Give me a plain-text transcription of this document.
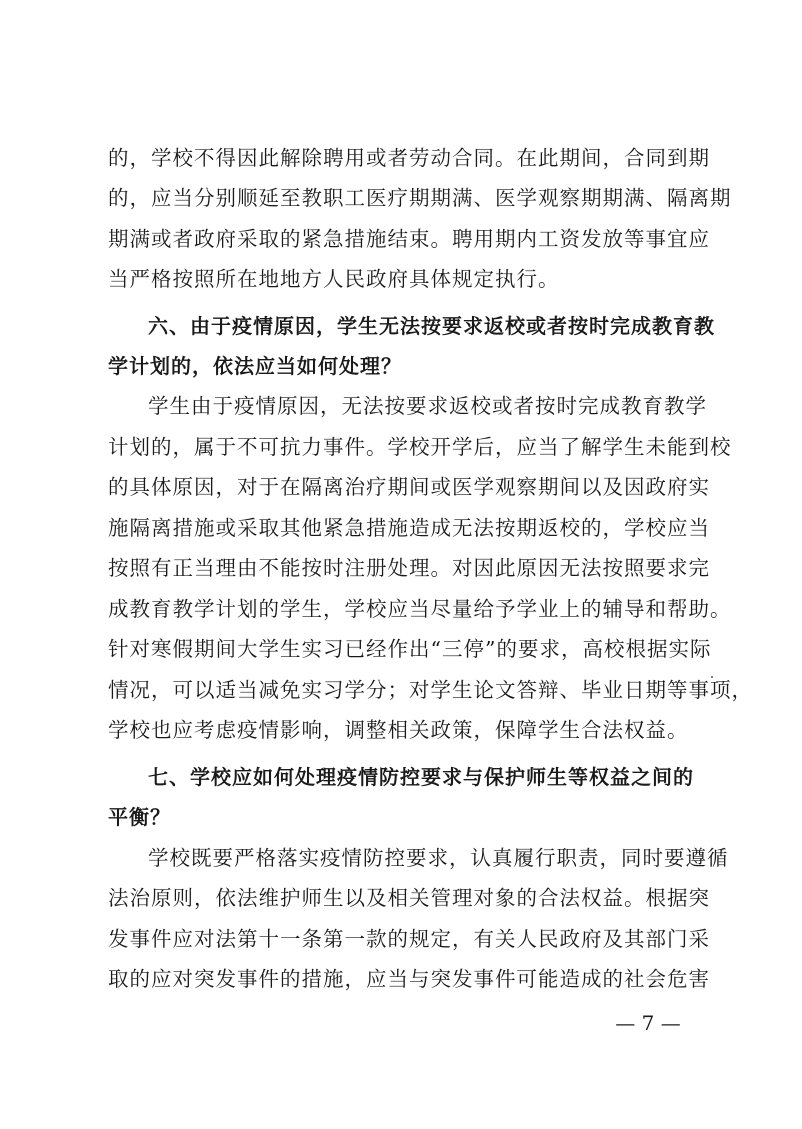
的，学校不得因此解除聘用或者劳动合同。在此期间，合同到期
的，应当分别顺延至教职工医疗期期满、医学观察期期满、隔离期
期满或者政府采取的紧急措施结束。聘用期内工资发放等事宜应
当严格按照所在地地方人民政府具体规定执行。
六、由于疫情原因，学生无法按要求返校或者按时完成教育教
学计划的，依法应当如何处理？
学生由于疫情原因，无法按要求返校或者按时完成教育教学
计划的，属于不可抗力事件。学校开学后，应当了解学生未能到校
的具体原因，对于在隔离治疗期间或医学观察期间以及因政府实
施隔离措施或采取其他紧急措施造成无法按期返校的，学校应当
按照有正当理由不能按时注册处理。对因此原因无法按照要求完
成教育教学计划的学生，学校应当尽量给予学业上的辅导和帮助。
针对寒假期间大学生实习已经作出“三停”的要求，高校根据实际
情况，可以适当减免实习学分；对学生论文答辩、毕业日期等事项，
学校也应考虑疫情影响，调整相关政策，保障学生合法权益。
七、学校应如何处理疫情防控要求与保护师生等权益之间的
平衡？
学校既要严格落实疫情防控要求，认真履行职责，同时要遵循
法治原则，依法维护师生以及相关管理对象的合法权益。根据突
发事件应对法第十一条第一款的规定，有关人民政府及其部门采
取的应对突发事件的措施，应当与突发事件可能造成的社会危害
— 7 —
